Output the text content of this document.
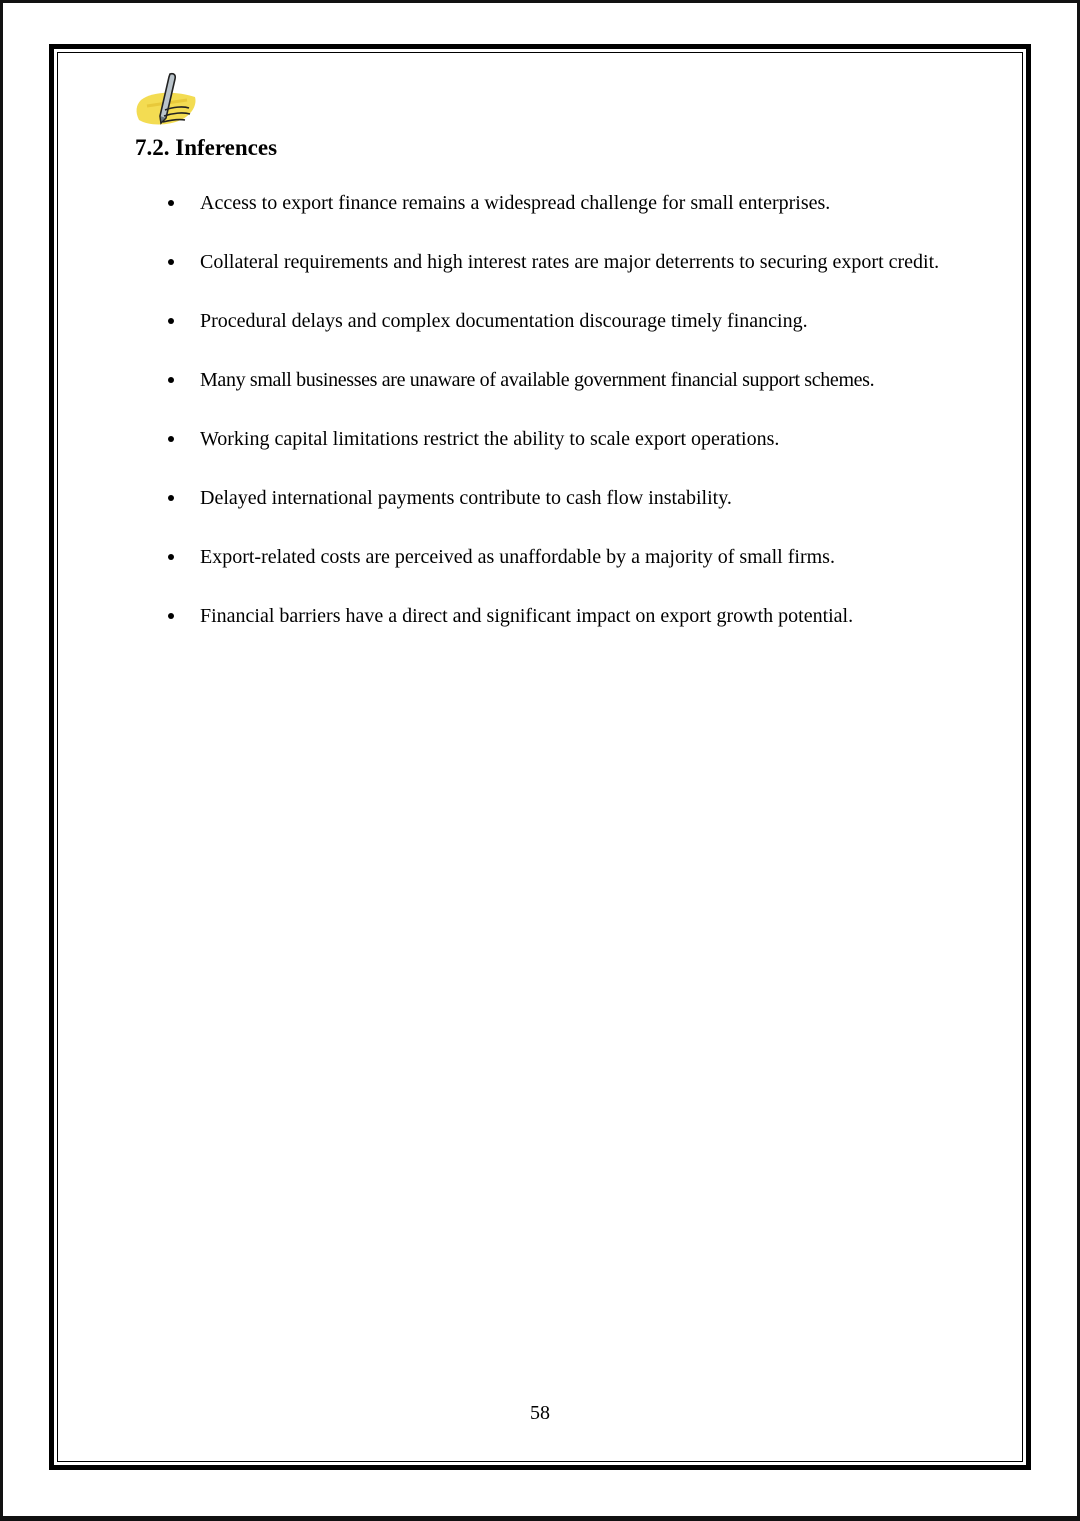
7.2. Inferences
Access to export finance remains a widespread challenge for small enterprises.
Collateral requirements and high interest rates are major deterrents to securing export credit.
Procedural delays and complex documentation discourage timely financing.
Many small businesses are unaware of available government financial support schemes.
Working capital limitations restrict the ability to scale export operations.
Delayed international payments contribute to cash flow instability.
Export-related costs are perceived as unaffordable by a majority of small firms.
Financial barriers have a direct and significant impact on export growth potential.
58
